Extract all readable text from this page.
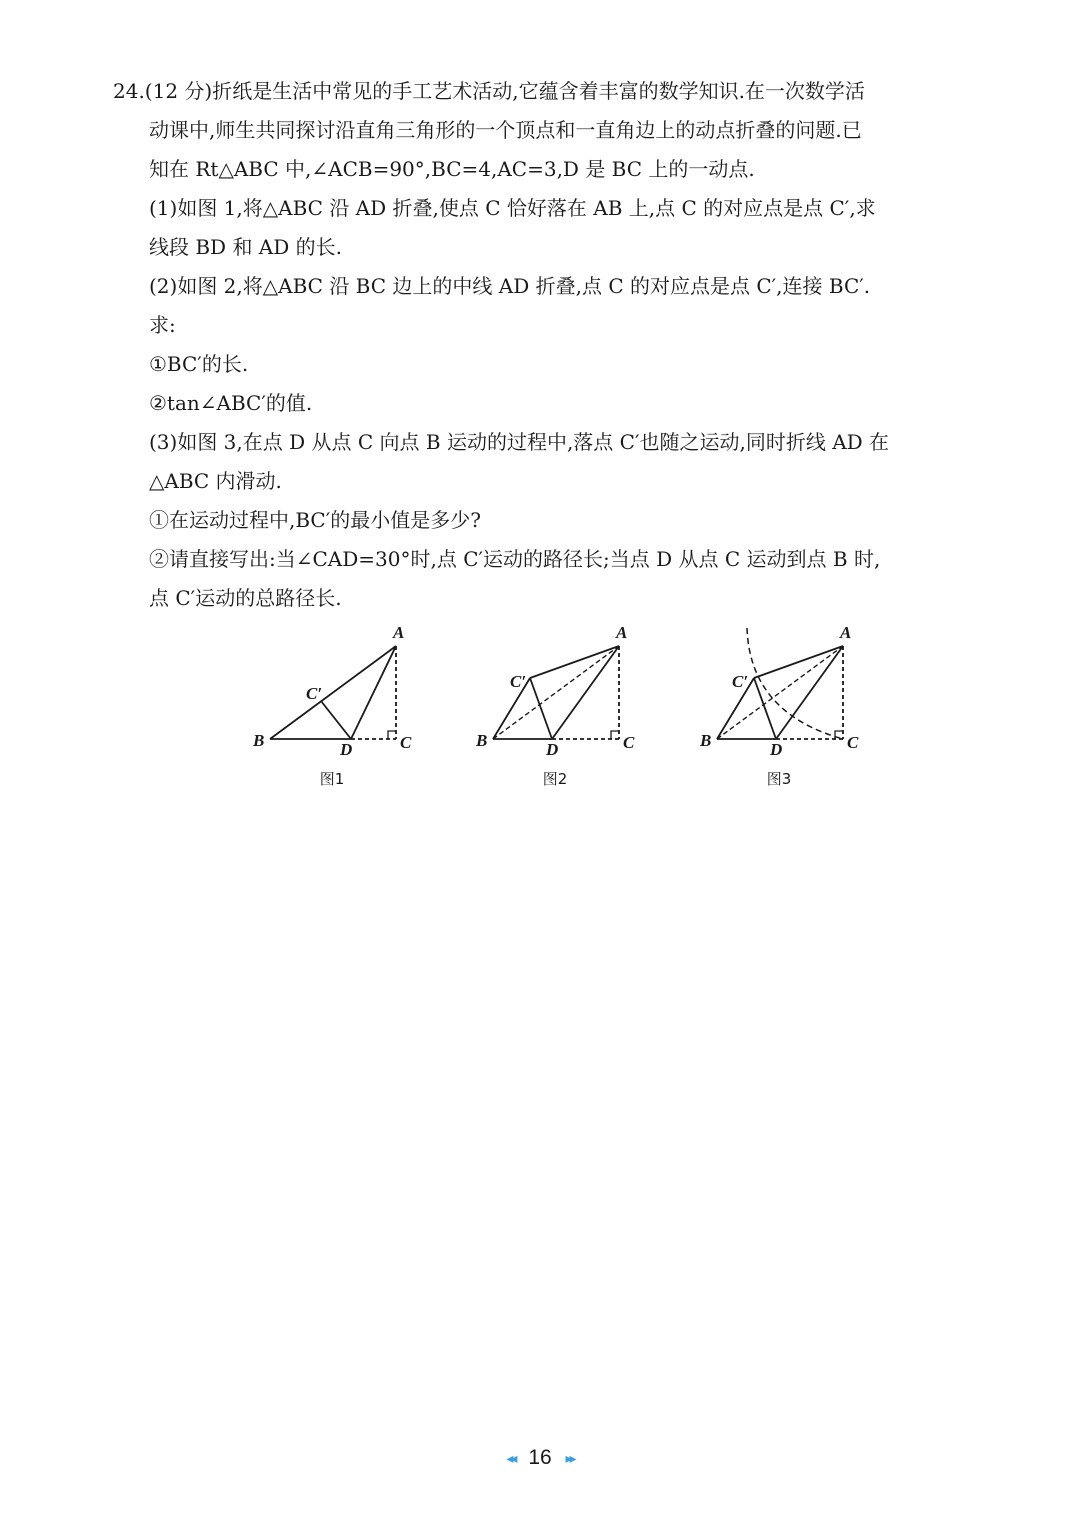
24.(12 分)折纸是生活中常见的手工艺术活动,它蕴含着丰富的数学知识.在一次数学活
动课中,师生共同探讨沿直角三角形的一个顶点和一直角边上的动点折叠的问题.已
知在 Rt△ABC 中,∠ACB=90°,BC=4,AC=3,D 是 BC 上的一动点.
(1)如图 1,将△ABC 沿 AD 折叠,使点 C 恰好落在 AB 上,点 C 的对应点是点 C′,求
线段 BD 和 AD 的长.
(2)如图 2,将△ABC 沿 BC 边上的中线 AD 折叠,点 C 的对应点是点 C′,连接 BC′.
求:
①BC′的长.
②tan∠ABC′的值.
(3)如图 3,在点 D 从点 C 向点 B 运动的过程中,落点 C′也随之运动,同时折线 AD 在
△ABC 内滑动.
①在运动过程中,BC′的最小值是多少?
②请直接写出:当∠CAD=30°时,点 C′运动的路径长;当点 D 从点 C 运动到点 B 时,
点 C′运动的总路径长.
A
B	C
D
C′
图1
A
B	C
D
C′
图2
A
B	C
D
C′
图3
◂◂ 16 ▸▸
